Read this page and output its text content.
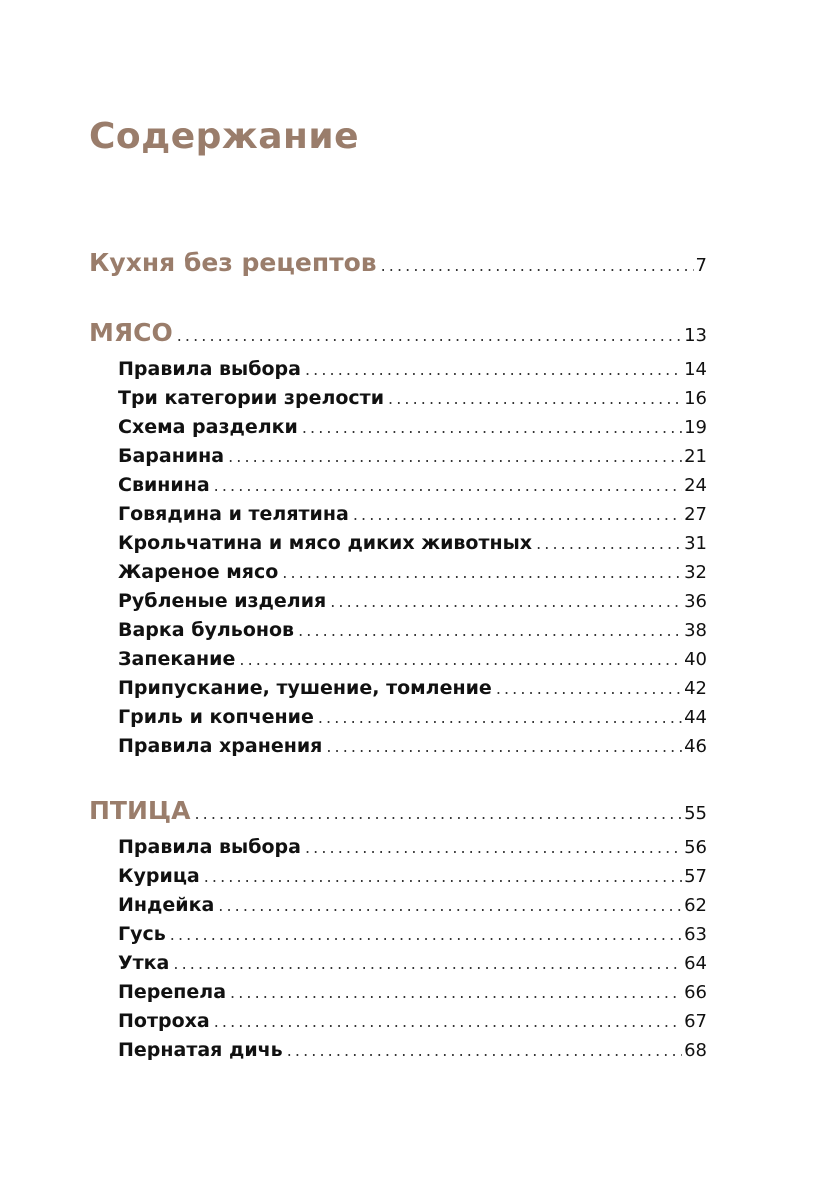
Содержание
Кухня без рецептов .....	7
МЯСО .....	13
Правила выбора .....	14
Три категории зрелости .....	16
Схема разделки .....	19
Баранина .....	21
Свинина .....	24
Говядина и телятина .....	27
Крольчатина и мясо диких животных .....	31
Жареное мясо .....	32
Рубленые изделия .....	36
Варка бульонов .....	38
Запекание .....	40
Припускание, тушение, томление .....	42
Гриль и копчение .....	44
Правила хранения .....	46
ПТИЦА .....	55
Правила выбора .....	56
Курица .....	57
Индейка .....	62
Гусь .....	63
Утка .....	64
Перепела .....	66
Потроха .....	67
Пернатая дичь .....	68
